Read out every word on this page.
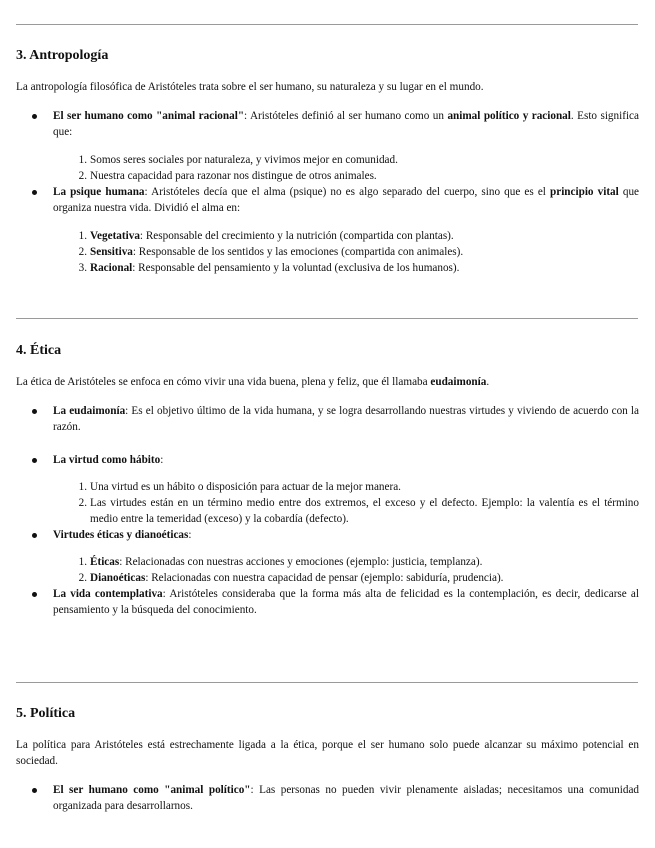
3. Antropología

La antropología filosófica de Aristóteles trata sobre el ser humano, su naturaleza y su lugar en el mundo.

El ser humano como "animal racional": Aristóteles definió al ser humano como un animal político y racional. Esto significa que:
1. Somos seres sociales por naturaleza, y vivimos mejor en comunidad.
2. Nuestra capacidad para razonar nos distingue de otros animales.
La psique humana: Aristóteles decía que el alma (psique) no es algo separado del cuerpo, sino que es el principio vital que organiza nuestra vida. Dividió el alma en:
1. Vegetativa: Responsable del crecimiento y la nutrición (compartida con plantas).
2. Sensitiva: Responsable de los sentidos y las emociones (compartida con animales).
3. Racional: Responsable del pensamiento y la voluntad (exclusiva de los humanos).
4. Ética

La ética de Aristóteles se enfoca en cómo vivir una vida buena, plena y feliz, que él llamaba eudaimonía.

La eudaimonía: Es el objetivo último de la vida humana, y se logra desarrollando nuestras virtudes y viviendo de acuerdo con la razón.
La virtud como hábito:
1. Una virtud es un hábito o disposición para actuar de la mejor manera.
2. Las virtudes están en un término medio entre dos extremos, el exceso y el defecto. Ejemplo: la valentía es el término medio entre la temeridad (exceso) y la cobardía (defecto).
Virtudes éticas y dianoéticas:
1. Éticas: Relacionadas con nuestras acciones y emociones (ejemplo: justicia, templanza).
2. Dianoéticas: Relacionadas con nuestra capacidad de pensar (ejemplo: sabiduría, prudencia).
La vida contemplativa: Aristóteles consideraba que la forma más alta de felicidad es la contemplación, es decir, dedicarse al pensamiento y la búsqueda del conocimiento.
5. Política

La política para Aristóteles está estrechamente ligada a la ética, porque el ser humano solo puede alcanzar su máximo potencial en sociedad.

El ser humano como "animal político": Las personas no pueden vivir plenamente aisladas; necesitamos una comunidad organizada para desarrollarnos.
